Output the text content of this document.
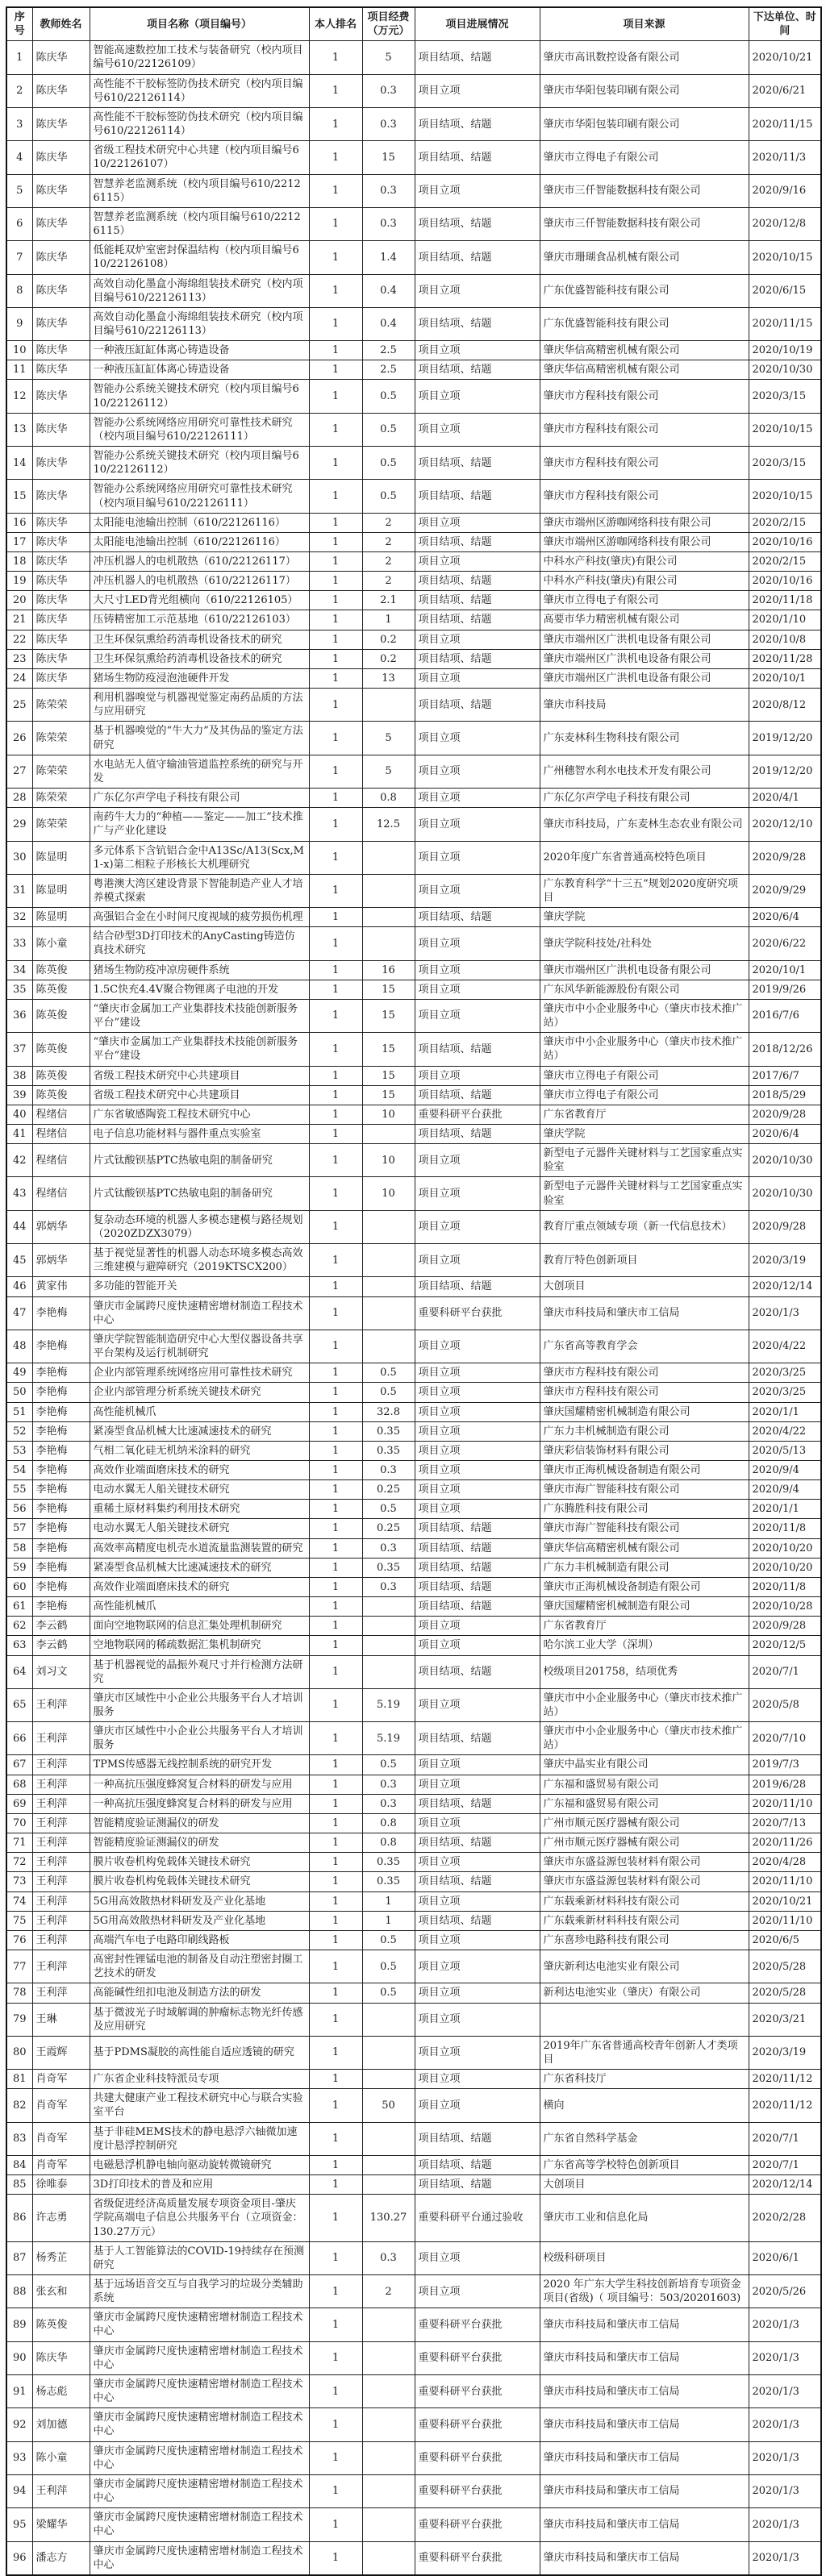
序号	教师姓名	项目名称（项目编号）	本人排名	项目经费（万元）	项目进展情况	项目来源	下达单位、时间
1	陈庆华	智能高速数控加工技术与装备研究（校内项目编号610/22126109）	1	5	项目结项、结题	肇庆市高讯数控设备有限公司	2020/10/21
2	陈庆华	高性能不干胶标签防伪技术研究（校内项目编号610/22126114）	1	0.3	项目立项	肇庆市华阳包装印刷有限公司	2020/6/21
3	陈庆华	高性能不干胶标签防伪技术研究（校内项目编号610/22126114）	1	0.3	项目结项、结题	肇庆市华阳包装印刷有限公司	2020/11/15
4	陈庆华	省级工程技术研究中心共建（校内项目编号610/22126107）	1	15	项目结项、结题	肇庆市立得电子有限公司	2020/11/3
5	陈庆华	智慧养老监测系统（校内项目编号610/22126115）	1	0.3	项目立项	肇庆市三仟智能数据科技有限公司	2020/9/16
6	陈庆华	智慧养老监测系统（校内项目编号610/22126115）	1	0.3	项目结项、结题	肇庆市三仟智能数据科技有限公司	2020/12/8
7	陈庆华	低能耗双炉室密封保温结构（校内项目编号610/22126108）	1	1.4	项目结项、结题	肇庆市珊瑚食品机械有限公司	2020/10/15
8	陈庆华	高效自动化墨盒小海绵组装技术研究（校内项目编号610/22126113）	1	0.4	项目立项	广东优盛智能科技有限公司	2020/6/15
9	陈庆华	高效自动化墨盒小海绵组装技术研究（校内项目编号610/22126113）	1	0.4	项目结项、结题	广东优盛智能科技有限公司	2020/11/15
10	陈庆华	一种液压缸缸体离心铸造设备	1	2.5	项目立项	肇庆华信高精密机械有限公司	2020/10/19
11	陈庆华	一种液压缸缸体离心铸造设备	1	2.5	项目结项、结题	肇庆华信高精密机械有限公司	2020/10/30
12	陈庆华	智能办公系统关键技术研究（校内项目编号610/22126112）	1	0.5	项目立项	肇庆市方程科技有限公司	2020/3/15
13	陈庆华	智能办公系统网络应用研究可靠性技术研究（校内项目编号610/22126111）	1	0.5	项目立项	肇庆市方程科技有限公司	2020/10/15
14	陈庆华	智能办公系统关键技术研究（校内项目编号610/22126112）	1	0.5	项目结项、结题	肇庆市方程科技有限公司	2020/3/15
15	陈庆华	智能办公系统网络应用研究可靠性技术研究（校内项目编号610/22126111）	1	0.5	项目结项、结题	肇庆市方程科技有限公司	2020/10/15
16	陈庆华	太阳能电池输出控制（610/22126116）	1	2	项目立项	肇庆市端州区游咖网络科技有限公司	2020/2/15
17	陈庆华	太阳能电池输出控制（610/22126116）	1	2	项目结项、结题	肇庆市端州区游咖网络科技有限公司	2020/10/16
18	陈庆华	冲压机器人的电机散热（610/22126117）	1	2	项目立项	中科水产科技(肇庆)有限公司	2020/2/15
19	陈庆华	冲压机器人的电机散热（610/22126117）	1	2	项目结项、结题	中科水产科技(肇庆)有限公司	2020/10/16
20	陈庆华	大尺寸LED背光组横向（610/22126105）	1	2.1	项目结项、结题	肇庆市立得电子有限公司	2020/11/18
21	陈庆华	压铸精密加工示范基地（610/22126103）	1	1	项目结项、结题	高要市华力精密机械有限公司	2020/1/10
22	陈庆华	卫生环保氛熏给药消毒机设备技术的研究	1	0.2	项目立项	肇庆市端州区广洪机电设备有限公司	2020/10/8
23	陈庆华	卫生环保氛熏给药消毒机设备技术的研究	1	0.2	项目结项、结题	肇庆市端州区广洪机电设备有限公司	2020/11/28
24	陈庆华	猪场生物防疫浸泡池硬件开发	1	13	项目立项	肇庆市端州区广洪机电设备有限公司	2020/10/1
25	陈荣荣	利用机器嗅觉与机器视觉鉴定南药品质的方法与应用研究	1		项目结项、结题	肇庆市科技局	2020/8/12
26	陈荣荣	基于机器嗅觉的“牛大力”及其伪品的鉴定方法研究	1	5	项目立项	广东麦林科生物科技有限公司	2019/12/20
27	陈荣荣	水电站无人值守输油管道监控系统的研究与开发	1	5	项目立项	广州穗智水利水电技术开发有限公司	2019/12/20
28	陈荣荣	广东亿尔声学电子科技有限公司	1	0.8	项目立项	广东亿尔声学电子科技有限公司	2020/4/1
29	陈荣荣	南药牛大力的“种植——鉴定——加工”技术推广与产业化建设	1	12.5	项目立项	肇庆市科技局，广东麦林生态农业有限公司	2020/12/10
30	陈显明	多元体系下含钪铝合金中A13Sc/A13(Scx,M1-x)第二相粒子形核长大机理研究	1		项目立项	2020年度广东省普通高校特色项目	2020/9/28
31	陈显明	粤港澳大湾区建设背景下智能制造产业人才培养模式探索	1		项目立项	广东教育科学“十三五”规划2020度研究项目	2020/9/29
32	陈显明	高强铝合金在小时间尺度视域的疲劳损伤机理	1		项目结项、结题	肇庆学院	2020/6/4
33	陈小童	结合砂型3D打印技术的AnyCasting铸造仿真技术研究	1		项目立项	肇庆学院科技处/社科处	2020/6/22
34	陈英俊	猪场生物防疫冲凉房硬件系统	1	16	项目立项	肇庆市端州区广洪机电设备有限公司	2020/10/1
35	陈英俊	1.5C快充4.4V聚合物锂离子电池的开发	1	15	项目立项	广东风华新能源股份有限公司	2019/9/26
36	陈英俊	“肇庆市金属加工产业集群技术技能创新服务平台”建设	1	15	项目立项	肇庆市中小企业服务中心（肇庆市技术推广站）	2016/7/6
37	陈英俊	“肇庆市金属加工产业集群技术技能创新服务平台”建设	1	15	项目结项、结题	肇庆市中小企业服务中心（肇庆市技术推广站）	2018/12/26
38	陈英俊	省级工程技术研究中心共建项目	1	15	项目立项	肇庆市立得电子有限公司	2017/6/7
39	陈英俊	省级工程技术研究中心共建项目	1	15	项目结项、结题	肇庆市立得电子有限公司	2018/5/29
40	程绪信	广东省敏感陶瓷工程技术研究中心	1	10	重要科研平台获批	广东省教育厅	2020/9/28
41	程绪信	电子信息功能材料与器件重点实验室	1		项目结项、结题	肇庆学院	2020/6/4
42	程绪信	片式钛酸钡基PTC热敏电阻的制备研究	1	10	项目立项	新型电子元器件关键材料与工艺国家重点实验室	2020/10/30
43	程绪信	片式钛酸钡基PTC热敏电阻的制备研究	1	10	项目立项	新型电子元器件关键材料与工艺国家重点实验室	2020/10/30
44	郭炳华	复杂动态环境的机器人多模态建模与路径规划（2020ZDZX3079）	1		项目立项	教育厅重点领域专项（新一代信息技术）	2020/9/28
45	郭炳华	基于视觉显著性的机器人动态环境多模态高效三维建模与避障研究（2019KTSCX200）	1		项目立项	教育厅特色创新项目	2020/3/19
46	黄家伟	多功能的智能开关	1		项目结项、结题	大创项目	2020/12/14
47	李艳梅	肇庆市金属跨尺度快速精密增材制造工程技术中心	1		重要科研平台获批	肇庆市科技局和肇庆市工信局	2020/1/3
48	李艳梅	肇庆学院智能制造研究中心大型仪器设备共享平台架构及运行机制研究	1		项目立项	广东省高等教育学会	2020/4/22
49	李艳梅	企业内部管理系统网络应用可靠性技术研究	1	0.5	项目立项	肇庆市方程科技有限公司	2020/3/25
50	李艳梅	企业内部管理分析系统关键技术研究	1	0.5	项目立项	肇庆市方程科技有限公司	2020/3/25
51	李艳梅	高性能机械爪	1	32.8	项目立项	肇庆国耀精密机械制造有限公司	2020/1/1
52	李艳梅	紧凑型食品机械大比速减速技术的研究	1	0.35	项目立项	广东力丰机械制造有限公司	2020/4/22
53	李艳梅	气相二氧化硅无机纳米涂料的研究	1	0.35	项目立项	肇庆彩信装饰材料有限公司	2020/5/13
54	李艳梅	高效作业端面磨床技术的研究	1	0.3	项目立项	肇庆市正海机械设备制造有限公司	2020/9/4
55	李艳梅	电动水翼无人船关键技术研究	1	0.25	项目立项	肇庆市海广智能科技有限公司	2020/9/4
56	李艳梅	重稀土原材料集约利用技术研究	1	0.5	项目立项	广东腾胜科技有限公司	2020/1/1
57	李艳梅	电动水翼无人船关键技术研究	1	0.25	项目结项、结题	肇庆市海广智能科技有限公司	2020/11/8
58	李艳梅	高效率高精度电机壳水道流量监测装置的研究	1	0.3	项目结项、结题	肇庆华信高精密机械有限公司	2020/10/20
59	李艳梅	紧凑型食品机械大比速减速技术的研究	1	0.35	项目结项、结题	广东力丰机械制造有限公司	2020/10/20
60	李艳梅	高效作业端面磨床技术的研究	1	0.3	项目结项、结题	肇庆市正海机械设备制造有限公司	2020/11/8
61	李艳梅	高性能机械爪	1		项目结项、结题	肇庆国耀精密机械制造有限公司	2020/10/28
62	李云鹤	面向空地物联网的信息汇集处理机制研究	1		项目立项	广东省教育厅	2020/9/28
63	李云鹤	空地物联网的稀疏数据汇集机制研究	1		项目立项	哈尔滨工业大学（深圳）	2020/12/5
64	刘习文	基于机器视觉的晶振外观尺寸并行检测方法研究	1		项目结项、结题	校级项目201758，结项优秀	2020/7/1
65	王利萍	肇庆市区域性中小企业公共服务平台人才培训服务	1	5.19	项目立项	肇庆市中小企业服务中心（肇庆市技术推广站）	2020/5/8
66	王利萍	肇庆市区域性中小企业公共服务平台人才培训服务	1	5.19	项目结项、结题	肇庆市中小企业服务中心（肇庆市技术推广站）	2020/7/10
67	王利萍	TPMS传感器无线控制系统的研究开发	1	0.5	项目立项	肇庆中晶实业有限公司	2019/7/3
68	王利萍	一种高抗压强度蜂窝复合材料的研发与应用	1	0.3	项目立项	广东福和盛贸易有限公司	2019/6/28
69	王利萍	一种高抗压强度蜂窝复合材料的研发与应用	1	0.3	项目结项、结题	广东福和盛贸易有限公司	2020/11/10
70	王利萍	智能精度验证测漏仪的研发	1	0.8	项目立项	广州市顺元医疗器械有限公司	2020/7/13
71	王利萍	智能精度验证测漏仪的研发	1	0.8	项目结项、结题	广州市顺元医疗器械有限公司	2020/11/26
72	王利萍	膜片收卷机构免载体关键技术研究	1	0.35	项目立项	肇庆市东盛益源包装材料有限公司	2020/4/28
73	王利萍	膜片收卷机构免载体关键技术研究	1	0.35	项目结项、结题	肇庆市东盛益源包装材料有限公司	2020/11/10
74	王利萍	5G用高效散热材料研发及产业化基地	1	1	项目立项	广东载乘新材料科技有限公司	2020/10/21
75	王利萍	5G用高效散热材料研发及产业化基地	1	1	项目结项、结题	广东载乘新材料科技有限公司	2020/11/10
76	王利萍	高端汽车电子电路印刷线路板	1	0.5	项目立项	广东喜珍电路科技有限公司	2020/6/5
77	王利萍	高密封性锂锰电池的制备及自动注塑密封圈工艺技术的研发	1	0.5	项目立项	肇庆新利达电池实业有限公司	2020/5/28
78	王利萍	高能碱性纽扣电池及制造方法的研发	1	0.5	项目立项	新利达电池实业（肇庆）有限公司	2020/5/28
79	王琳	基于微波光子时域解调的肿瘤标志物光纤传感及应用研究	1		项目立项		2020/3/21
80	王霞辉	基于PDMS凝胶的高性能自适应透镜的研究	1		项目立项	2019年广东省普通高校青年创新人才类项目	2020/3/19
81	肖奇军	广东省企业科技特派员专项	1		项目立项	广东省科技厅	2020/11/12
82	肖奇军	共建大健康产业工程技术研究中心与联合实验室平台	1	50	项目立项	横向	2020/11/12
83	肖奇军	基于非硅MEMS技术的静电悬浮六轴微加速度计悬浮控制研究	1		项目结项、结题	广东省自然科学基金	2020/7/1
84	肖奇军	电磁悬浮机静电轴向驱动旋转微镜研究	1		项目结项、结题	广东省高等学校特色创新项目	2020/7/1
85	徐唯泰	3D打印技术的普及和应用	1		项目结项、结题	大创项目	2020/12/14
86	许志勇	省级促进经济高质量发展专项资金项目-肇庆学院高端电子信息公共服务平台（立项资金：130.27万元）	1	130.27	重要科研平台通过验收	肇庆市工业和信息化局	2020/2/28
87	杨秀芷	基于人工智能算法的COVID-19持续存在预测研究	1	0.3	项目立项	校级科研项目	2020/6/1
88	张玄和	基于远场语音交互与自我学习的垃圾分类辅助系统	1	2	项目立项	2020 年广东大学生科技创新培育专项资金项目(省级)（ 项目编号：503/20201603)	2020/5/26
89	陈英俊	肇庆市金属跨尺度快速精密增材制造工程技术中心	1		重要科研平台获批	肇庆市科技局和肇庆市工信局	2020/1/3
90	陈庆华	肇庆市金属跨尺度快速精密增材制造工程技术中心	1		重要科研平台获批	肇庆市科技局和肇庆市工信局	2020/1/3
91	杨志彪	肇庆市金属跨尺度快速精密增材制造工程技术中心	1		重要科研平台获批	肇庆市科技局和肇庆市工信局	2020/1/3
92	刘加德	肇庆市金属跨尺度快速精密增材制造工程技术中心	1		重要科研平台获批	肇庆市科技局和肇庆市工信局	2020/1/3
93	陈小童	肇庆市金属跨尺度快速精密增材制造工程技术中心	1		重要科研平台获批	肇庆市科技局和肇庆市工信局	2020/1/3
94	王利萍	肇庆市金属跨尺度快速精密增材制造工程技术中心	1		重要科研平台获批	肇庆市科技局和肇庆市工信局	2020/1/3
95	梁耀华	肇庆市金属跨尺度快速精密增材制造工程技术中心	1		重要科研平台获批	肇庆市科技局和肇庆市工信局	2020/1/3
96	潘志方	肇庆市金属跨尺度快速精密增材制造工程技术中心	1		重要科研平台获批	肇庆市科技局和肇庆市工信局	2020/1/3
